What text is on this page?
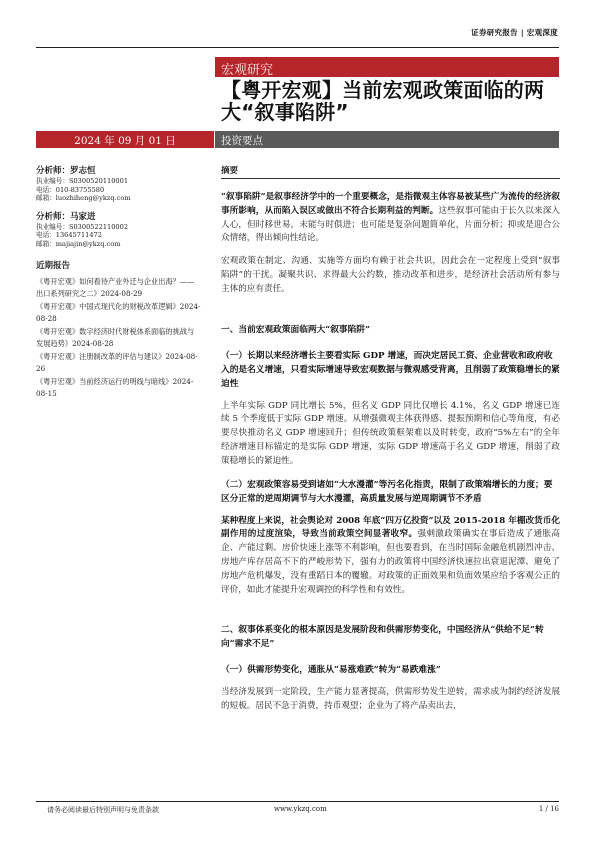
证券研究报告 | 宏观深度
宏观研究
【粤开宏观】当前宏观政策面临的两大“叙事陷阱”
2024 年 09 月 01 日	投资要点
分析师：罗志恒
执业编号：S0300520110001
电话：010-83755580
邮箱：luozhiheng@ykzq.com
分析师：马家进
执业编号：S0300522110002
电话：13645711472
邮箱：majiajin@ykzq.com
近期报告
《粤开宏观》如何看待产业外迁与企业出海？——出口系列研究之二》2024-08-29
《粤开宏观》中国式现代化的财税改革逻辑》2024-08-28
《粤开宏观》数字经济时代财税体系面临的挑战与发展趋势》2024-08-28
《粤开宏观》注册制改革的评估与建议》2024-08-26
《粤开宏观》当前经济运行的明线与暗线》2024-08-15
摘要

“叙事陷阱”是叙事经济学中的一个重要概念，是指微观主体容易被某些广为流传的经济叙事所影响，从而陷入误区或做出不符合长期利益的判断。这些叙事可能由于长久以来深入人心，但时移世易，未能与时俱进；也可能是复杂问题简单化，片面分析；抑或是迎合公众情绪，得出倾向性结论。

宏观政策在制定、沟通、实施等方面均有赖于社会共识，因此会在一定程度上受到“叙事陷阱”的干扰。凝聚共识、求得最大公约数，推动改革和进步，是经济社会活动所有参与主体的应有责任。

一、当前宏观政策面临两大“叙事陷阱”
（一）长期以来经济增长主要看实际 GDP 增速，而决定居民工资、企业营收和政府收入的是名义增速，只看实际增速导致宏观数据与微观感受背离，且削弱了政策稳增长的紧迫性

上半年实际 GDP 同比增长 5%，但名义 GDP 同比仅增长 4.1%，名义 GDP 增速已连续 5 个季度低于实际 GDP 增速。从增强微观主体获得感、提振预期和信心等角度，有必要尽快推动名义 GDP 增速回升；但传统政策框架难以及时转变，政府“5%左右”的全年经济增速目标锚定的是实际 GDP 增速，实际 GDP 增速高于名义 GDP 增速，削弱了政策稳增长的紧迫性。

（二）宏观政策容易受到诸如“大水漫灌”等污名化指责，限制了政策端增长的力度；要区分正常的逆周期调节与大水漫灌，高质量发展与逆周期调节不矛盾

某种程度上来说，社会舆论对 2008 年底“四万亿投资”以及 2015-2018 年棚改货币化副作用的过度渲染，导致当前政策空间显著收窄。强刺激政策确实在事后造成了通胀高企、产能过剩、房价快速上涨等不利影响，但也要看到，在当时国际金融危机剧烈冲击、房地产库存居高不下的严峻形势下，强有力的政策将中国经济快速拉出衰退泥潭、避免了房地产危机爆发，没有重蹈日本的覆辙。对政策的正面效果和负面效果应给予客观公正的评价，如此才能提升宏观调控的科学性和有效性。

二、叙事体系变化的根本原因是发展阶段和供需形势变化，中国经济从“供给不足”转向“需求不足”
（一）供需形势变化，通胀从“易涨难跌”转为“易跌难涨”

当经济发展到一定阶段，生产能力显著提高，供需形势发生逆转，需求成为制约经济发展的短板。居民不急于消费，持币观望；企业为了将产品卖出去，

请务必阅读最后特别声明与免责条款	www.ykzq.com	1 / 16
